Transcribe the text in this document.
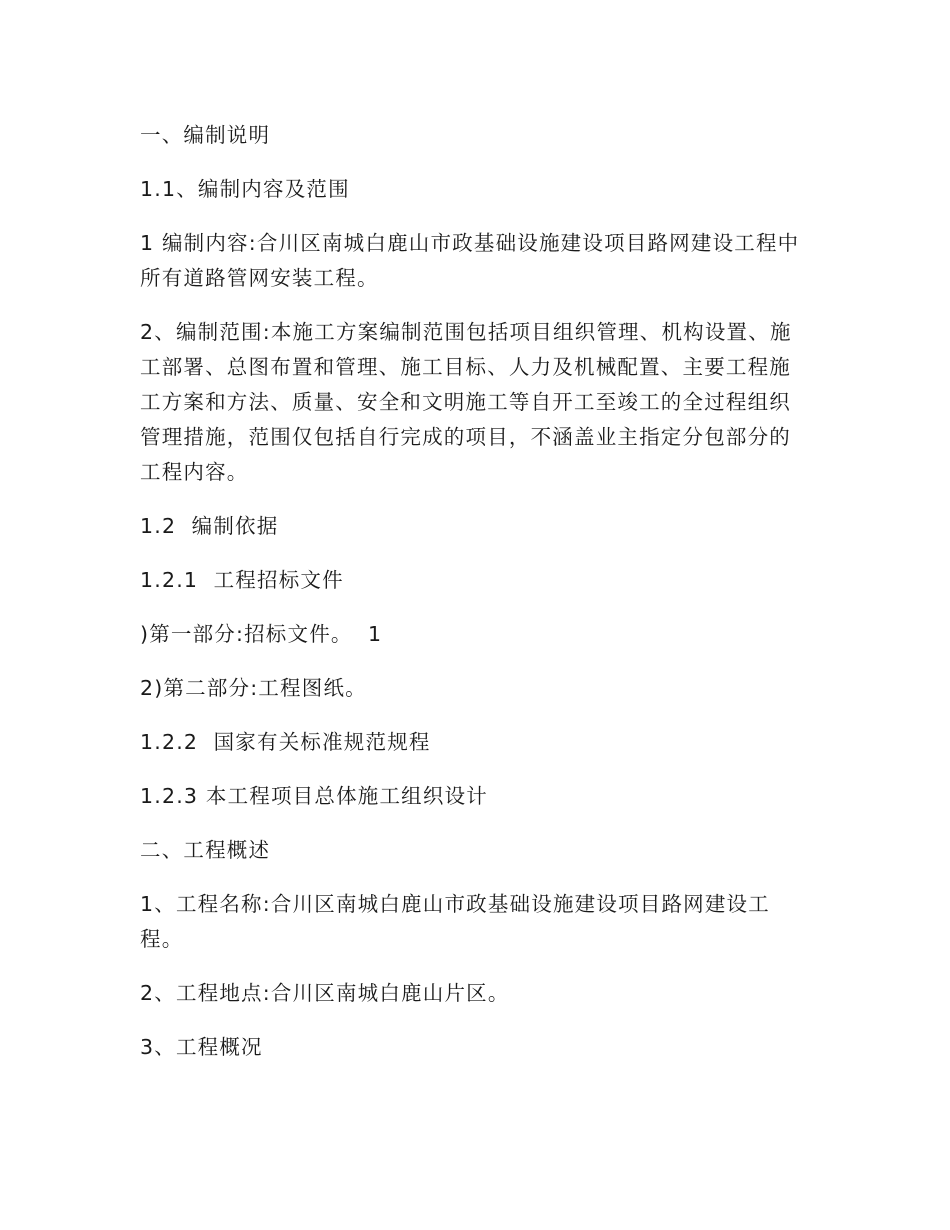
一、编制说明

1.1、编制内容及范围

1 编制内容:合川区南城白鹿山市政基础设施建设项目路网建设工程中所有道路管网安装工程。

2、编制范围:本施工方案编制范围包括项目组织管理、机构设置、施工部署、总图布置和管理、施工目标、人力及机械配置、主要工程施工方案和方法、质量、安全和文明施工等自开工至竣工的全过程组织管理措施，范围仅包括自行完成的项目，不涵盖业主指定分包部分的工程内容。

1.2  编制依据

1.2.1  工程招标文件

)第一部分:招标文件。  1

2)第二部分:工程图纸。

1.2.2  国家有关标准规范规程

1.2.3 本工程项目总体施工组织设计

二、工程概述

1、工程名称:合川区南城白鹿山市政基础设施建设项目路网建设工程。

2、工程地点:合川区南城白鹿山片区。

3、工程概况
